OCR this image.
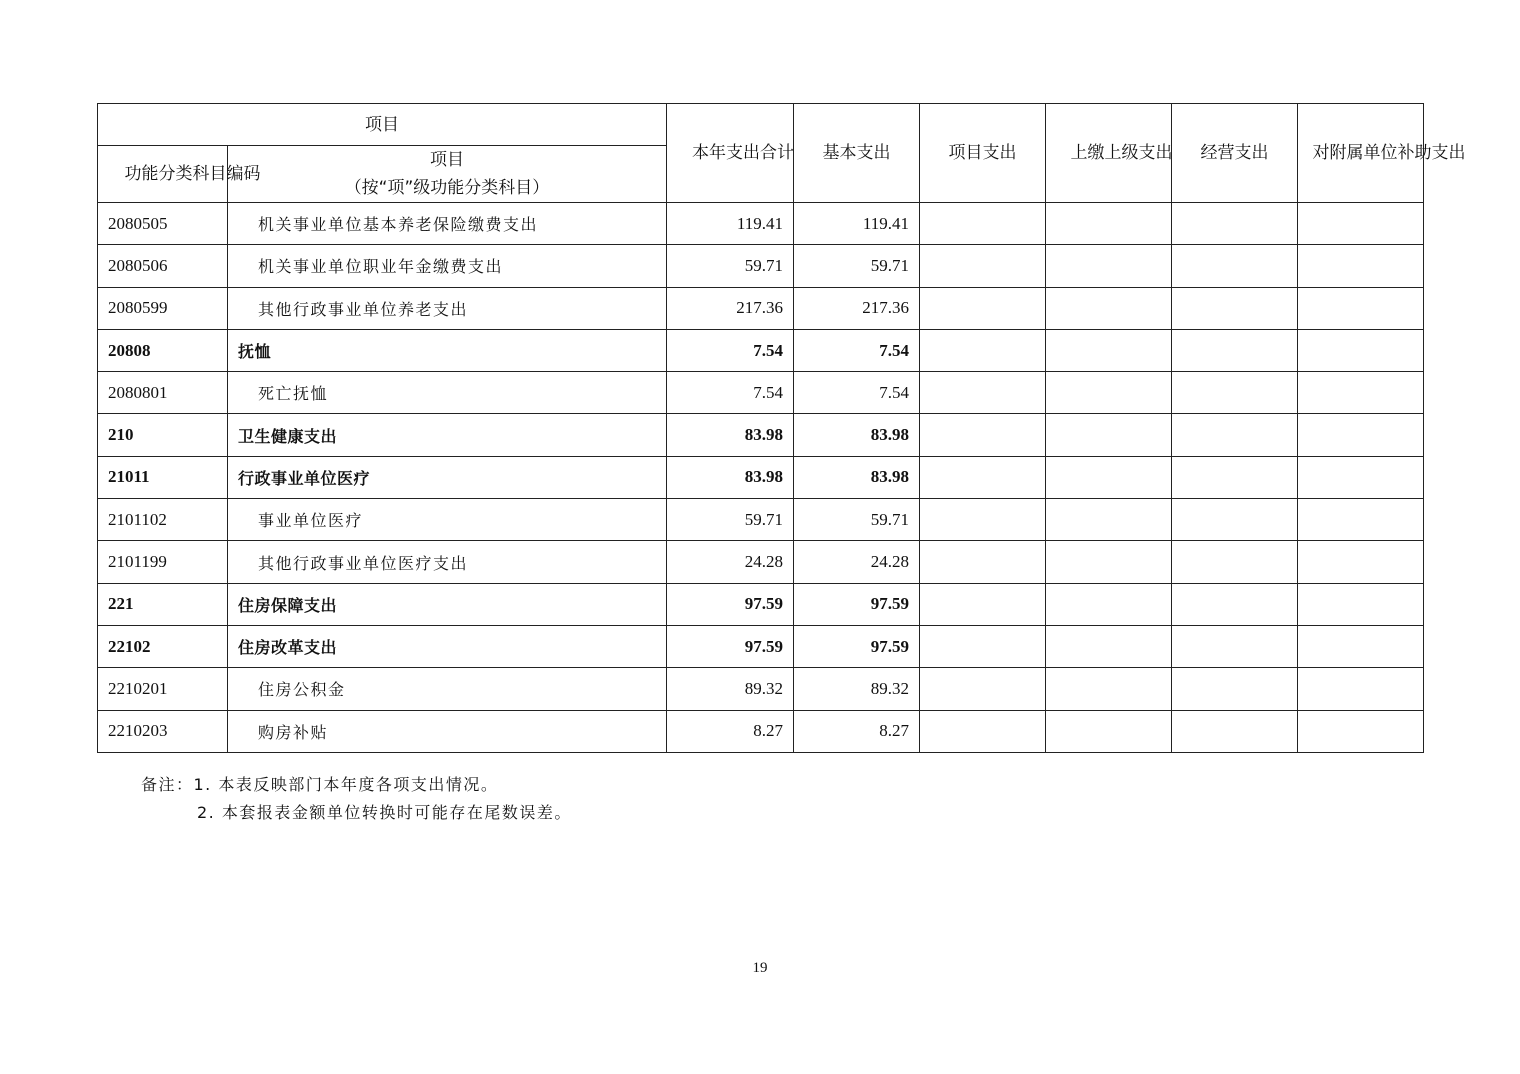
项目		本年支出合计	基本支出	项目支出	上缴上级支出	经营支出	对附属单位补助支出

功能分类科目编码	项目
（按“项”级功能分类科目）						

2080505	机关事业单位基本养老保险缴费支出	119.41	119.41				
2080506	机关事业单位职业年金缴费支出	59.71	59.71				
2080599	其他行政事业单位养老支出	217.36	217.36				
20808	抚恤	7.54	7.54				
2080801	死亡抚恤	7.54	7.54				
210	卫生健康支出	83.98	83.98				
21011	行政事业单位医疗	83.98	83.98				
2101102	事业单位医疗	59.71	59.71				
2101199	其他行政事业单位医疗支出	24.28	24.28				
221	住房保障支出	97.59	97.59				
22102	住房改革支出	97.59	97.59				
2210201	住房公积金	89.32	89.32				
2210203	购房补贴	8.27	8.27				
备注：1. 本表反映部门本年度各项支出情况。
2. 本套报表金额单位转换时可能存在尾数误差。
19
